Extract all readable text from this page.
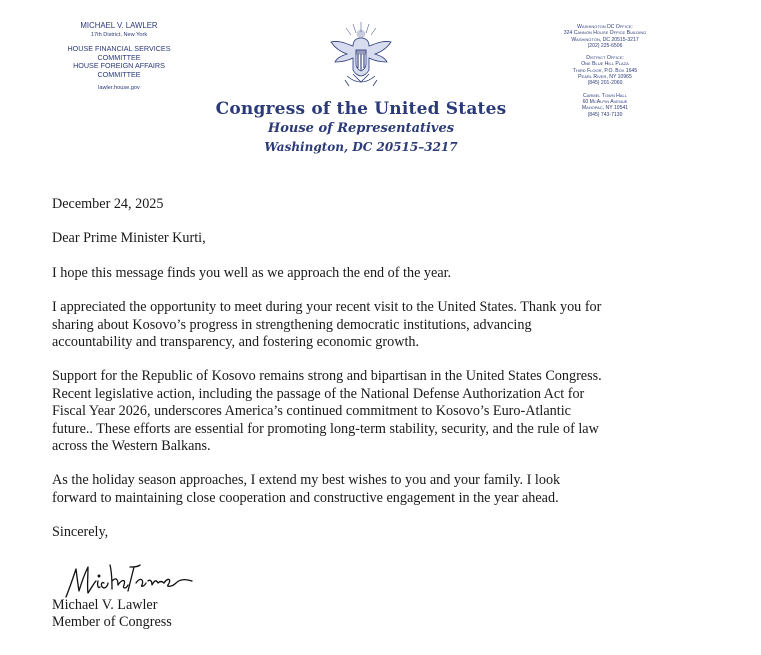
MICHAEL V. LAWLER
17th District, New York
HOUSE FINANCIAL SERVICES
COMMITTEE
HOUSE FOREIGN AFFAIRS
COMMITTEE
lawler.house.gov
Washington DC Office:
324 Cannon House Office Building
Washington, DC 20515-3217
(202) 225-6506
District Office:
One Blue Hill Plaza
Third Floor, P.O. Box 1645
Pearl River, NY 10965
(845) 201-2060
Carmel Town Hall
60 McAlpin Avenue
Mahopac, NY 10541
(845) 743-7130
Congress of the United States
House of Representatives
Washington, DC 20515–3217

December 24, 2025

Dear Prime Minister Kurti,

I hope this message finds you well as we approach the end of the year.

I appreciated the opportunity to meet during your recent visit to the United States. Thank you for

sharing about Kosovo’s progress in strengthening democratic institutions, advancing

accountability and transparency, and fostering economic growth.

Support for the Republic of Kosovo remains strong and bipartisan in the United States Congress.

Recent legislative action, including the passage of the National Defense Authorization Act for

Fiscal Year 2026, underscores America’s continued commitment to Kosovo’s Euro-Atlantic

future.. These efforts are essential for promoting long-term stability, security, and the rule of law

across the Western Balkans.

As the holiday season approaches, I extend my best wishes to you and your family. I look

forward to maintaining close cooperation and constructive engagement in the year ahead.

Sincerely,

Michael V. Lawler
Member of Congress
